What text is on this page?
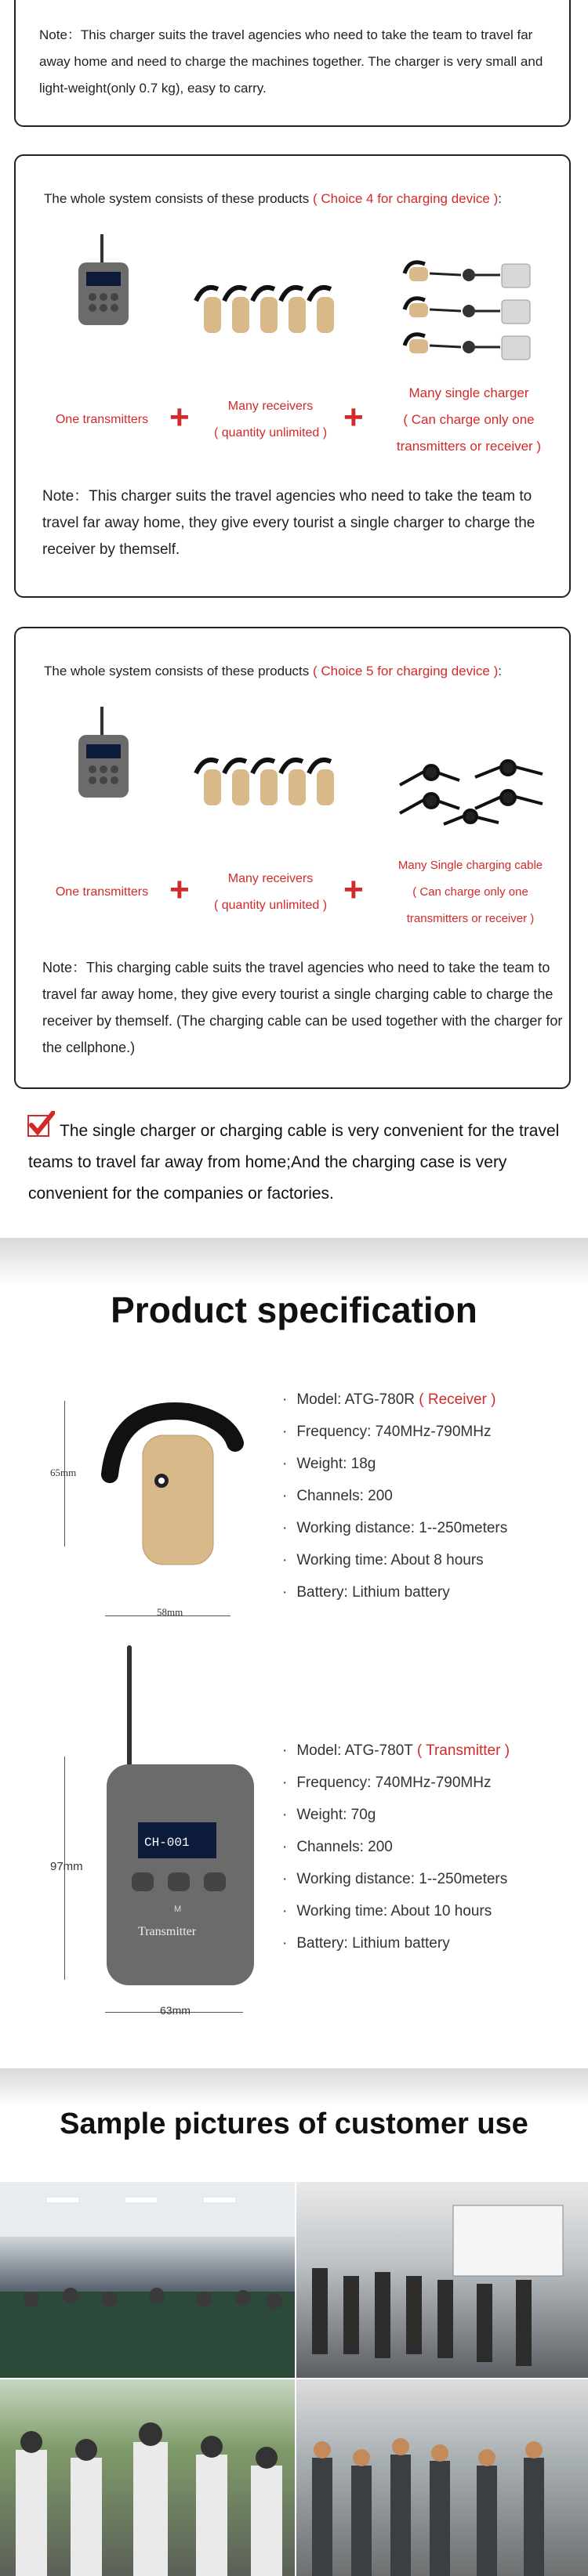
Note：This charger suits the travel agencies who need to take the team to travel far away home and need to charge the machines together. The charger is very small and light-weight(only 0.7 kg), easy to carry.
The whole system consists of these products ( Choice 4 for charging device ):
One transmitters +	Many receivers
( quantity unlimited ) +
Many single charger
( Can charge only one
transmitters or receiver )
Note：This charger suits the travel agencies who need to take the team to travel far away home, they give every tourist a single charger to charge the receiver by themself.
The whole system consists of these products ( Choice 5 for charging device ):
One transmitters +	Many receivers
( quantity unlimited ) +
Many Single charging cable
( Can charge only one
transmitters or receiver )
Note：This charging cable suits the travel agencies who need to take the team to travel far away home, they give every tourist a single charging cable to charge the receiver by themself. (The charging cable can be used together with the charger for the cellphone.)
The single charger or charging cable is very convenient for the travel teams to travel far away from home;And the charging case is very convenient for the companies or factories.
Product specification
65mm
58mm
· Model: ATG-780R ( Receiver )
· Frequency: 740MHz-790MHz
· Weight: 18g
· Channels: 200
· Working distance: 1--250meters
· Working time: About 8 hours
· Battery: Lithium battery
97mm
CH-001
M
Transmitter
63mm
· Model: ATG-780T ( Transmitter )
· Frequency: 740MHz-790MHz
· Weight: 70g
· Channels: 200
· Working distance: 1--250meters
· Working time: About 10 hours
· Battery: Lithium battery
Sample pictures of customer use
